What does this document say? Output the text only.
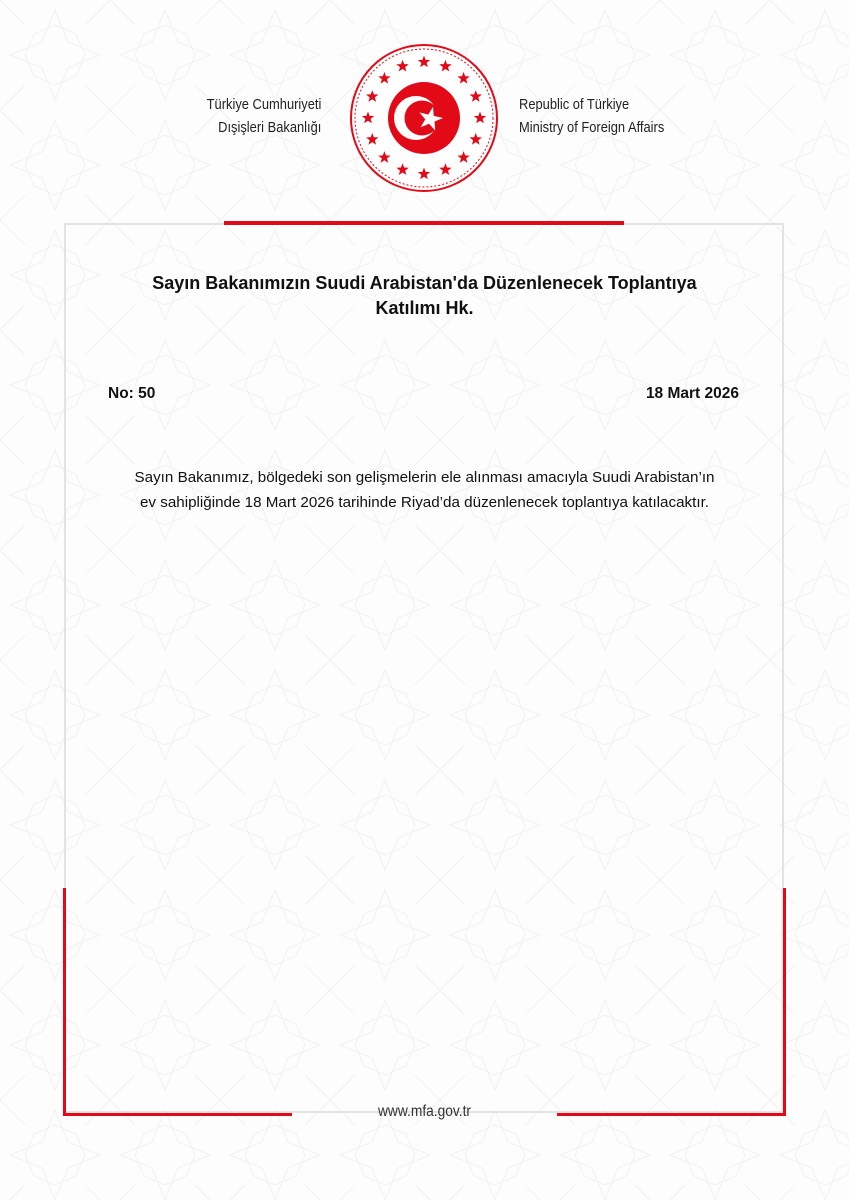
Türkiye Cumhuriyeti
Dışişleri Bakanlığı
Republic of Türkiye
Ministry of Foreign Affairs
Sayın Bakanımızın Suudi Arabistan'da Düzenlenecek Toplantıya
Katılımı Hk.
No: 50	18 Mart 2026
Sayın Bakanımız, bölgedeki son gelişmelerin ele alınması amacıyla Suudi Arabistan’ın
ev sahipliğinde 18 Mart 2026 tarihinde Riyad’da düzenlenecek toplantıya katılacaktır.
www.mfa.gov.tr
